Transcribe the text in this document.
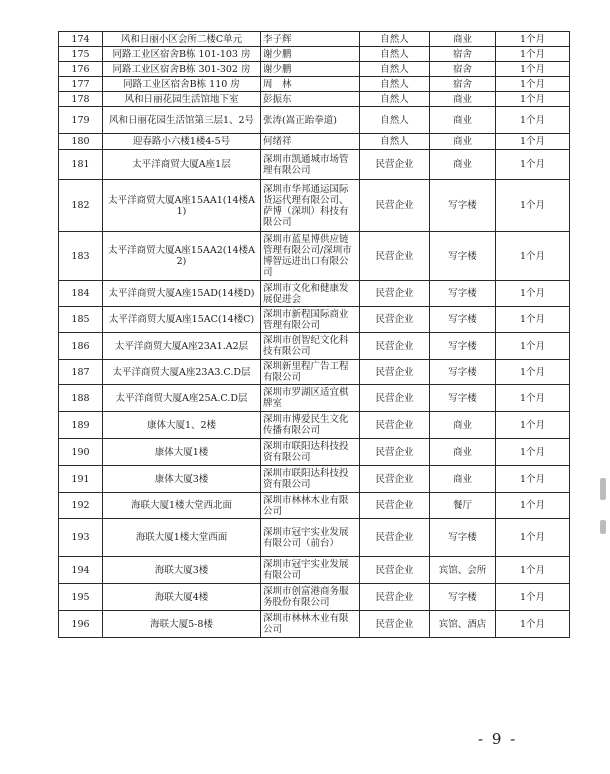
174	风和日丽小区会所二楼C单元	李子辉	自然人	商业	1个月
175	同路工业区宿舍B栋 101-103 房	谢少鹏	自然人	宿舍	1个月
176	同路工业区宿舍B栋 301-302 房	谢少鹏	自然人	宿舍	1个月
177	同路工业区宿舍B栋 110 房	周　林	自然人	宿舍	1个月
178	风和日丽花园生活馆地下室	彭振东	自然人	商业	1个月
179	风和日丽花园生活馆第三层1、2号	张涛(嵩正跆拳道)	自然人	商业	1个月
180	迎春路小六楼1楼4-5号	何绪祥	自然人	商业	1个月
181	太平洋商贸大厦A座1层	深圳市凯通城市场管理有限公司	民营企业	商业	1个月
182	太平洋商贸大厦A座15AA1(14楼A1)	深圳市华邦通运国际货运代理有限公司、萨博（深圳）科技有限公司	民营企业	写字楼	1个月
183	太平洋商贸大厦A座15AA2(14楼A2)	深圳市蓝星博供应链管理有限公司/深圳市博智远进出口有限公司	民营企业	写字楼	1个月
184	太平洋商贸大厦A座15AD(14楼D)	深圳市文化和健康发展促进会	民营企业	写字楼	1个月
185	太平洋商贸大厦A座15AC(14楼C)	深圳市新程国际商业管理有限公司	民营企业	写字楼	1个月
186	太平洋商贸大厦A座23A1.A2层	深圳市创智纪文化科技有限公司	民营企业	写字楼	1个月
187	太平洋商贸大厦A座23A3.C.D层	深圳新里程广告工程有限公司	民营企业	写字楼	1个月
188	太平洋商贸大厦A座25A.C.D层	深圳市罗湖区适宜棋牌室	民营企业	写字楼	1个月
189	康体大厦1、2楼	深圳市博爱民生文化传播有限公司	民营企业	商业	1个月
190	康体大厦1楼	深圳市联阳达科技投资有限公司	民营企业	商业	1个月
191	康体大厦3楼	深圳市联阳达科技投资有限公司	民营企业	商业	1个月
192	海联大厦1楼大堂西北面	深圳市林林木业有限公司	民营企业	餐厅	1个月
193	海联大厦1楼大堂西面	深圳市冠宇实业发展有限公司（前台）	民营企业	写字楼	1个月
194	海联大厦3楼	深圳市冠宇实业发展有限公司	民营企业	宾馆、会所	1个月
195	海联大厦4楼	深圳市创富港商务服务股份有限公司	民营企业	写字楼	1个月
196	海联大厦5-8楼	深圳市林林木业有限公司	民营企业	宾馆、酒店	1个月
- 9 -
